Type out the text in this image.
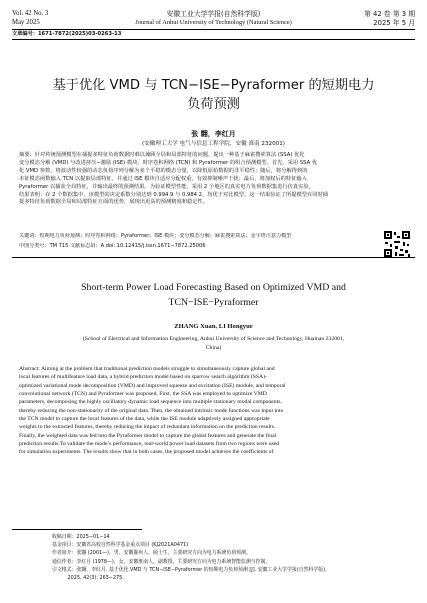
Vol. 42 No. 3
May 2025
安徽工业大学学报(自然科学版)
Journal of Anhui University of Technology (Natural Science)
第 42 卷 第 3 期
2025 年 5 月
文章编号：1671-7872(2025)03-0263-13
基于优化 VMD 与 TCN−ISE−Pyraformer 的短期电力
负荷预测
张 翾，李红月
(安徽理工大学 电气与信息工程学院，安徽 淮南 232001)
摘要：针对传统预测模型在捕捉多特征负荷数据时难以兼顾全局和局部特征的问题，提出一种基于麻雀搜索算法 (SSA) 优化
变分模态分解 (VMD) 与改进挤压−激励 (ISE) 模块、时序卷积网络 (TCN) 和 Pyraformer 的组合预测模型。首先，采用 SSA 优
化 VMD 参数，将波动性较强的动态负荷序列分解为多个平稳的模态分量，以降低原始数据的非平稳性；随后，将分解得到的
本征模态函数输入 TCN 以提取局部特征，并通过 ISE 模块自适应分配权重，有效抑制噪声干扰；最后，将加权后的特征输入
Pyraformer 以捕获全局特征，并输出最终的预测结果。为验证模型性能，采用 2 个地区的真实电力负荷数据集进行仿真实验。
结果表明：在 2 个数据集中，该模型的决定系数分别达到 0.994 9 与 0.984 2，均优于对比模型。这一结果验证了所提模型在同时捕
捉多特征负荷数据全局和局部特征方面的优势，展现出更高的预测精度和稳定性。
关键词：短期电力负荷预测；时序卷积网络；Pyraformer；ISE 模块；变分模态分解；麻雀搜索算法；金字塔注意力模型
中图分类号：TM 715 文献标志码：A doi: 10.12415/j.issn.1671−7872.25006
Short-term Power Load Forecasting Based on Optimized VMD and
TCN−ISE−Pyraformer
ZHANG Xuan, LI Hongyue
(School of Electrical and Information Engineering, Anhui University of Science and Technology, Huainan 232001,
China)
Abstract: Aiming at the problem that traditional prediction models struggle to simultaneously capture global and
local features of multifeature load data, a hybrid prediction model based on sparrow search algorithm (SSA)-
optimized variational mode decomposition (VMD) and improved squeeze and excitation (ISE) module, and temporal
convolutional network (TCN) and Pyraformer was proposed. First, the SSA was employed to optimize VMD
parameters, decomposing the highly oscillatory dynamic load sequence into multiple stationary modal components,
thereby reducing the non-stationarity of the original data. Then, the obtained intrinsic mode functions was input into
the TCN model to capture the local features of the data, while the ISE module adaptively assigned appropriate
weights to the extracted features, thereby reducing the impact of redundant information on the prediction results.
Finally, the weighted data was fed into the Pyraformer model to capture the global features and generate the final
prediction results.To validate the mode’s performance, real-world power load datasets from two regions were used
for simulation experiments. The results show that in both cases, the proposed model achieves the coefficients of
收稿日期：2025−01−14
基金项目：安徽省高校自然科学基金重点项目 (KJ2021A0471)
作者简介：张翾 (2001—)，男，安徽滁州人，硕士生，主要研究方向为电力系统负荷预测。
通信作者：李红月 (1978—)，女，安徽淮南人，副教授，主要研究方向为电力系统智能监测与控制。
引文格式：张翾，李红月. 基于优化 VMD 与 TCN−ISE−Pyraformer 的短期电力负荷预测 [J]. 安徽工业大学学报(自然科学版)，
2025, 42(3): 263−275.
